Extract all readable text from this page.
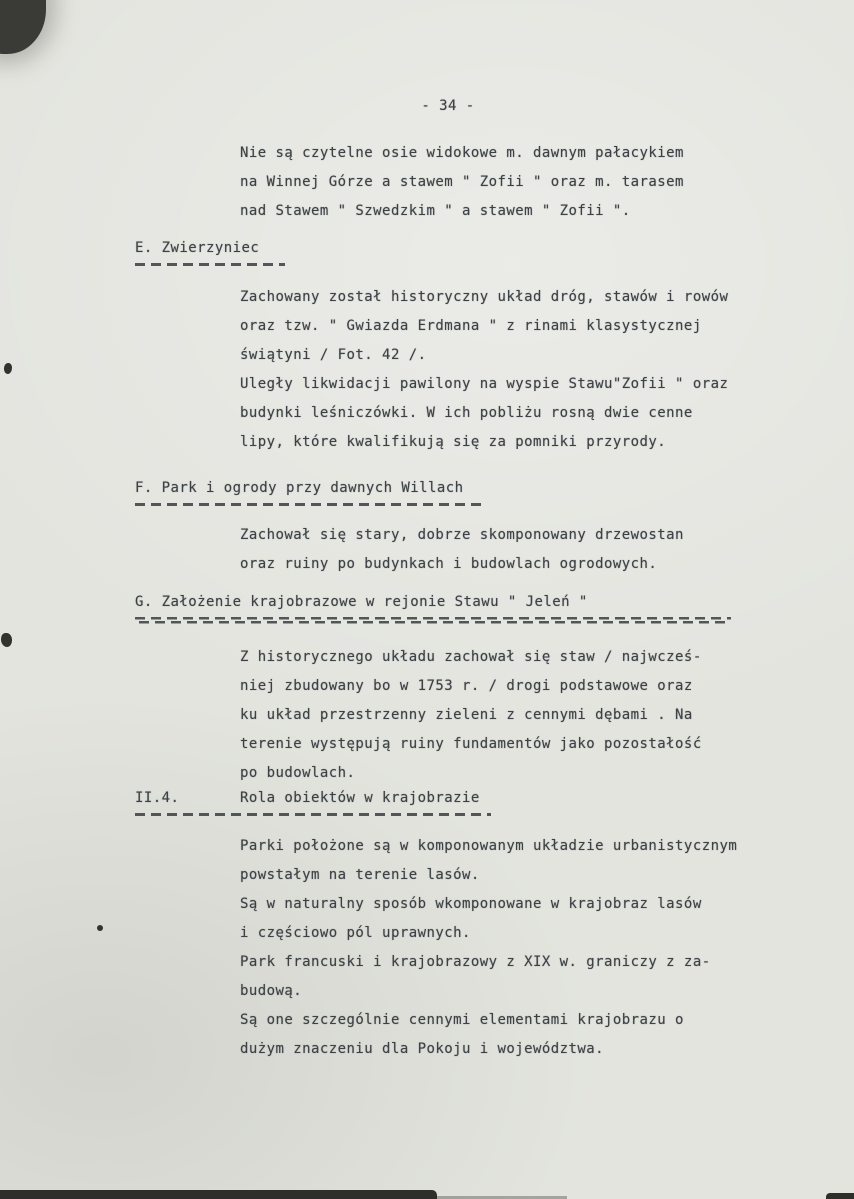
- 34 -
Nie są czytelne osie widokowe m. dawnym pałacykiem
na Winnej Górze a stawem " Zofii " oraz m. tarasem
nad Stawem " Szwedzkim " a stawem " Zofii ".
E. Zwierzyniec
Zachowany został historyczny układ dróg, stawów i rowów
oraz tzw. " Gwiazda Erdmana " z rinami klasystycznej
świątyni / Fot. 42 /.
Uległy likwidacji pawilony na wyspie Stawu"Zofii " oraz
budynki leśniczówki. W ich pobliżu rosną dwie cenne
lipy, które kwalifikują się za pomniki przyrody.
F. Park i ogrody przy dawnych Willach
Zachował się stary, dobrze skomponowany drzewostan
oraz ruiny po budynkach i budowlach ogrodowych.
G. Założenie krajobrazowe w rejonie Stawu " Jeleń "
Z historycznego układu zachował się staw / najwcześ-
niej zbudowany bo w 1753 r. / drogi podstawowe oraz
ku układ przestrzenny zieleni z cennymi dębami . Na
terenie występują ruiny fundamentów jako pozostałość
po budowlach.
II.4.	Rola obiektów w krajobrazie
Parki położone są w komponowanym układzie urbanistycznym
powstałym na terenie lasów.
Są w naturalny sposób wkomponowane w krajobraz lasów
i częściowo pól uprawnych.
Park francuski i krajobrazowy z XIX w. graniczy z za-
budową.
Są one szczególnie cennymi elementami krajobrazu o
dużym znaczeniu dla Pokoju i województwa.
